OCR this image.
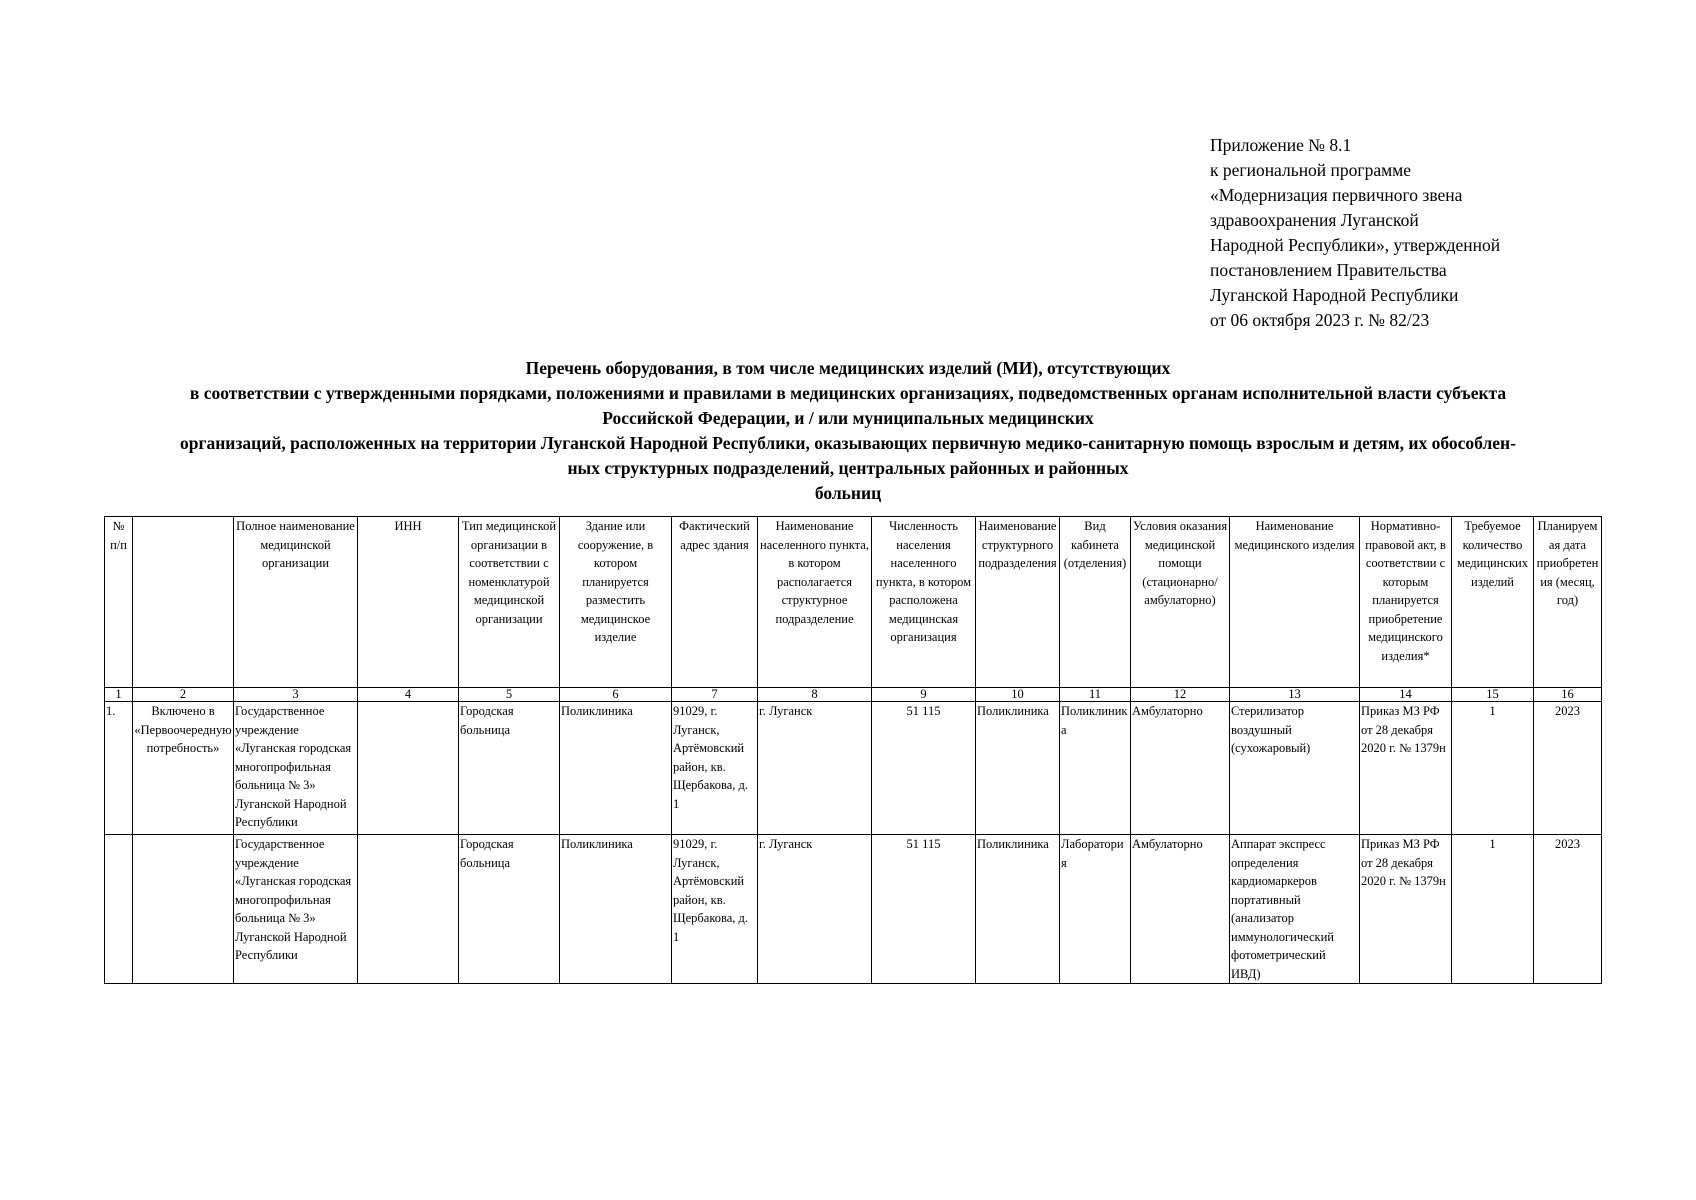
Приложение № 8.1
к региональной программе
«Модернизация первичного звена
здравоохранения Луганской
Народной Республики», утвержденной
постановлением Правительства
Луганской Народной Республики
от 06 октября 2023 г. № 82/23
Перечень оборудования, в том числе медицинских изделий (МИ), отсутствующих
в соответствии с утвержденными порядками, положениями и правилами в медицинских организациях, подведомственных органам исполнительной власти субъекта
Российской Федерации, и / или муниципальных медицинских
организаций, расположенных на территории Луганской Народной Республики, оказывающих первичную медико-санитарную помощь взрослым и детям, их обособлен-
ных структурных подразделений, центральных районных и районных
больниц
№ п/п		Полное наименование медицинской организации	ИНН	Тип медицинской организации в соответствии с номенклатурой медицинской организации	Здание или сооружение, в котором планируется разместить медицинское изделие	Фактический адрес здания	Наименование населенного пункта, в котором располагается структурное подразделение	Численность населения населенного пункта, в котором расположена медицинская организация	Наименование структурного подразделения	Вид кабинета (отделения)	Условия оказания медицинской помощи (стационарно/амбулаторно)	Наименование медицинского изделия	Нормативно-правовой акт, в соответствии с которым планируется приобретение медицинского изделия*	Требуемое количество медицинских изделий	Планируемая дата приобретения (месяц, год)
1	2	3	4	5	6	7	8	9	10	11	12	13	14	15	16
1.	Включено в «Первоочередную потребность»	Государственное учреждение «Луганская городская многопрофильная больница № 3» Луганской Народной Республики		Городская больница	Поликлиника	91029, г. Луганск, Артёмовский район, кв. Щербакова, д. 1	г. Луганск	51 115	Поликлиника	Поликлиника	Амбулаторно	Стерилизатор воздушный (сухожаровый)	Приказ МЗ РФ от 28 декабря 2020 г. № 1379н	1	2023
		Государственное учреждение «Луганская городская многопрофильная больница № 3» Луганской Народной Республики		Городская больница	Поликлиника	91029, г. Луганск, Артёмовский район, кв. Щербакова, д. 1	г. Луганск	51 115	Поликлиника	Лаборатория	Амбулаторно	Аппарат экспресс определения кардиомаркеров портативный (анализатор иммунологический фотометрический ИВД)	Приказ МЗ РФ от 28 декабря 2020 г. № 1379н	1	2023
